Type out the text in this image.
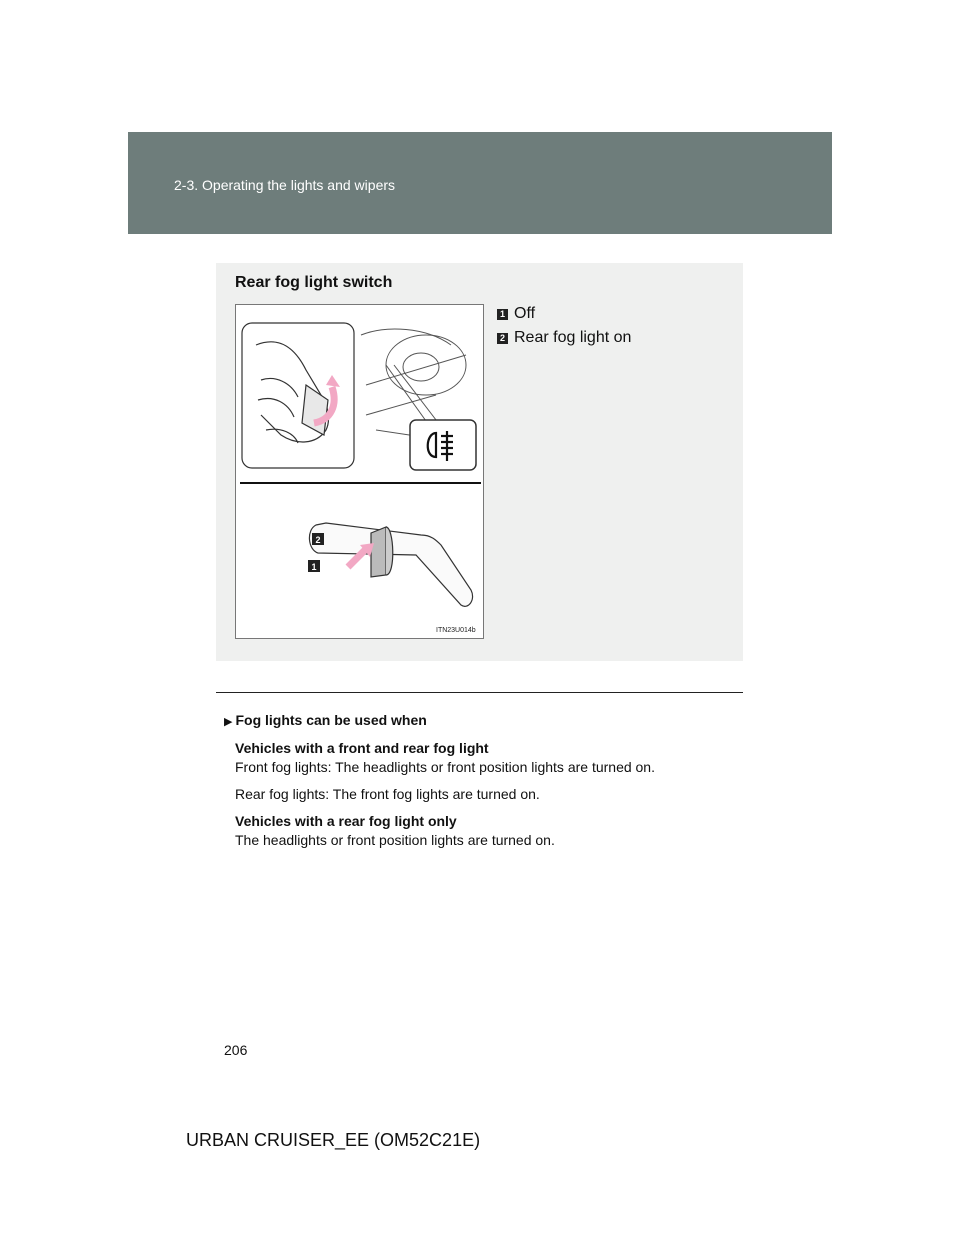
2-3. Operating the lights and wipers
Rear fog light switch
2
1
ITN23U014b
1 Off
2 Rear fog light on
▶ Fog lights can be used when

Vehicles with a front and rear fog light
Front fog lights: The headlights or front position lights are turned on.

Rear fog lights: The front fog lights are turned on.

Vehicles with a rear fog light only
The headlights or front position lights are turned on.

206
URBAN CRUISER_EE (OM52C21E)
